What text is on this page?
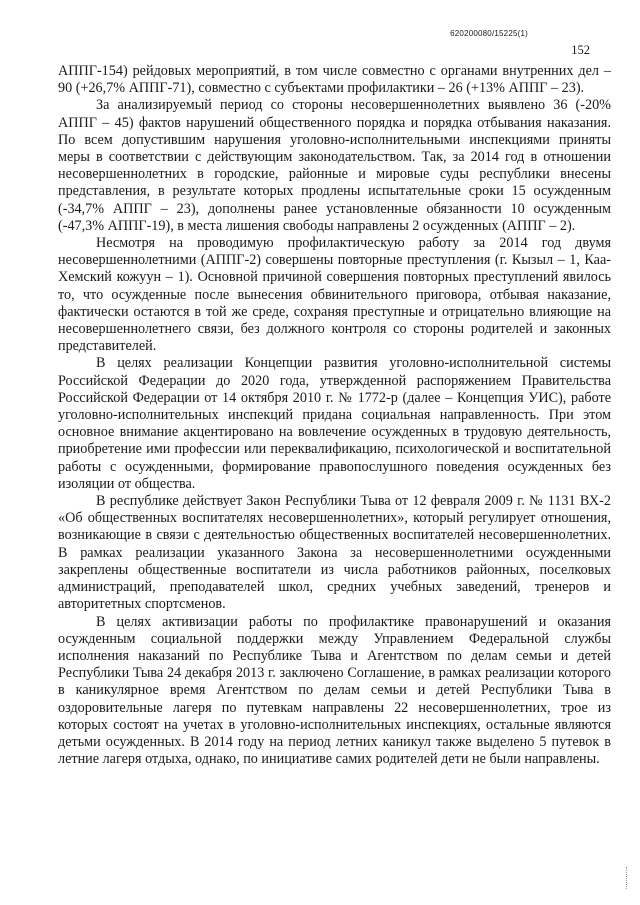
620200080/15225(1)
152

АППГ-154) рейдовых мероприятий, в том числе совместно с органами внутренних дел – 90 (+26,7% АППГ-71), совместно с субъектами профилактики – 26 (+13% АППГ – 23).

За анализируемый период со стороны несовершеннолетних выявлено 36 (-20% АППГ – 45) фактов нарушений общественного порядка и порядка отбывания наказания. По всем допустившим нарушения уголовно-исполнительными инспекциями приняты меры в соответствии с действующим законодательством. Так, за 2014 год в отношении несовершеннолетних в городские, районные и мировые суды республики внесены представления, в результате которых продлены испытательные сроки 15 осужденным (-34,7% АППГ – 23), дополнены ранее установленные обязанности 10 осужденным (-47,3% АППГ-19), в места лишения свободы направлены 2 осужденных (АППГ – 2).

Несмотря на проводимую профилактическую работу за 2014 год двумя несовершеннолетними (АППГ-2) совершены повторные преступления (г. Кызыл – 1, Каа-Хемский кожуун – 1). Основной причиной совершения повторных преступлений явилось то, что осужденные после вынесения обвинительного приговора, отбывая наказание, фактически остаются в той же среде, сохраняя преступные и отрицательно влияющие на несовершеннолетнего связи, без должного контроля со стороны родителей и законных представителей.

В целях реализации Концепции развития уголовно-исполнительной системы Российской Федерации до 2020 года, утвержденной распоряжением Правительства Российской Федерации от 14 октября 2010 г. № 1772-р (далее – Концепция УИС), работе уголовно-исполнительных инспекций придана социальная направленность. При этом основное внимание акцентировано на вовлечение осужденных в трудовую деятельность, приобретение ими профессии или переквалификацию, психологической и воспитательной работы с осужденными, формирование правопослушного поведения осужденных без изоляции от общества.

В республике действует Закон Республики Тыва от 12 февраля 2009 г. № 1131 ВХ-2 «Об общественных воспитателях несовершеннолетних», который регулирует отношения, возникающие в связи с деятельностью общественных воспитателей несовершеннолетних. В рамках реализации указанного Закона за несовершеннолетними осужденными закреплены общественные воспитатели из числа работников районных, поселковых администраций, преподавателей школ, средних учебных заведений, тренеров и авторитетных спортсменов.

В целях активизации работы по профилактике правонарушений и оказания осужденным социальной поддержки между Управлением Федеральной службы исполнения наказаний по Республике Тыва и Агентством по делам семьи и детей Республики Тыва 24 декабря 2013 г. заключено Соглашение, в рамках реализации которого в каникулярное время Агентством по делам семьи и детей Республики Тыва в оздоровительные лагеря по путевкам направлены 22 несовершеннолетних, трое из которых состоят на учетах в уголовно-исполнительных инспекциях, остальные являются детьми осужденных. В 2014 году на период летних каникул также выделено 5 путевок в летние лагеря отдыха, однако, по инициативе самих родителей дети не были направлены.
